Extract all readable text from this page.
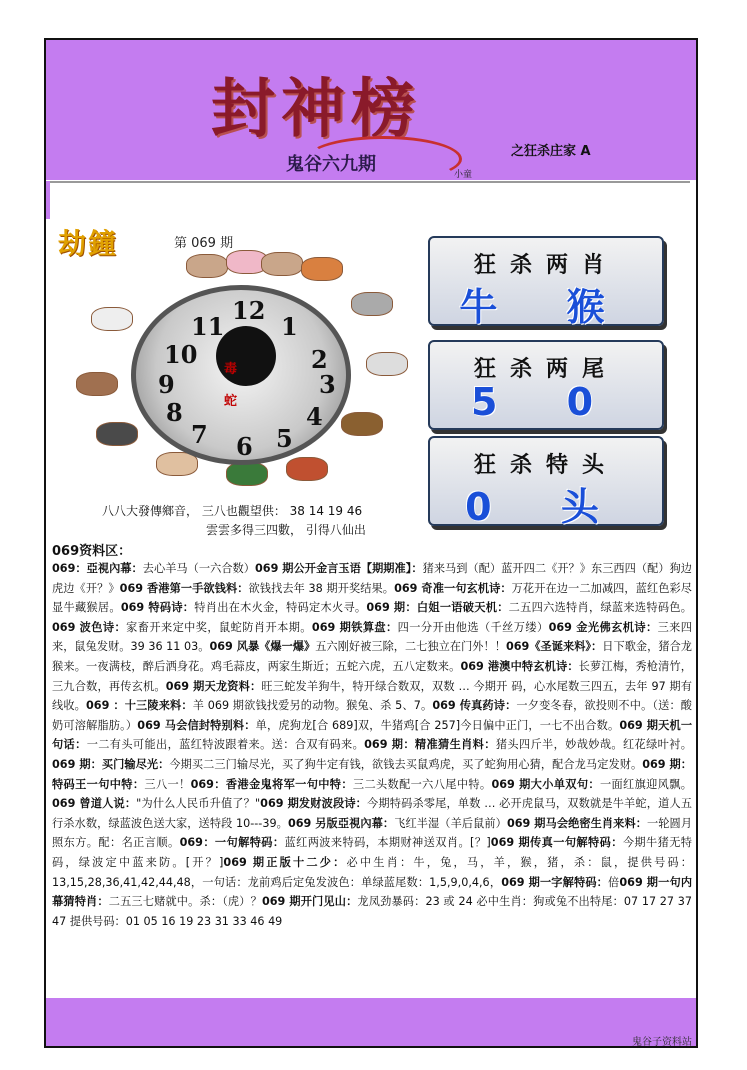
封神榜
鬼谷六九期	小童
之狂杀庄家 A
劫鐘	第 069 期
12
1
2
3
4
5
6
7
8
9
10
11
毒
蛇
八八大發傳鄉音， 三八也觀望供： 38 14 19 46
雲雲多得三四數， 引得八仙出
狂杀两肖
牛 猴
狂杀两尾
5 0
狂杀特头
0 头
069资料区：
069：亞視內幕：去心羊马（一六合数）069 期公开金言玉语【期期准】：猪来马到（配）蓝开四二《开？》东三西四（配）狗边虎边《开？》069 香港第一手欲钱料：欲钱找去年 38 期开奖结果。069 奇准一句玄机诗：万花开在边一二加减四，蓝红色彩尽显牛藏猴居。069 特码诗：特肖出在木火金，特码定木火寻。069 期：白姐一语破天机：二五四六选特肖，绿蓝来选特码色。069 波色诗：家畜开来定中奖，鼠蛇防肖开本期。069 期铁算盘：四一分开由他选（千丝万缕）069 金光佛玄机诗：三来四来，鼠兔发财。39 36 11 03。069 风暴《爆一爆》五六刚好被三除，二七独立在门外！！069《圣诞来料》：日下歌金，猪合龙猴来。一夜满枝，醉后洒身花。鸡毛蒜皮，两家生斯近；五蛇六虎，五八定数来。069 港澳中特玄机诗：长萝江梅，秀枪清竹，三九合数，再传玄机。069 期天龙资料：旺三蛇发羊狗牛，特开绿合数双，双数 … 今期开 码，心水尾数三四五，去年 97 期有线收。069 ：十三陵来料：羊 069 期欲钱找爱另的动物。猴兔、杀 5、7。069 传真药诗：一夕变冬春，欲投则不中。（送：酸奶可溶解脂肪。）069 马会信封特别料：单，虎狗龙[合 689]双，牛猪鸡[合 257]今日偏中正门，一七不出合数。069 期天机一句话：一二有头可能出，蓝红特波跟着来。送：合双有码来。069 期：精准猜生肖料：猪头四斤半，妙哉妙哉。红花绿叶衬。069 期：买门输尽光：今期买二三门输尽光，买了狗牛定有钱，欲钱去买鼠鸡虎，买了蛇狗用心猜，配合龙马定发财。069 期：特码王一句中特：三八一！069：香港金鬼将军一句中特：三二头数配一六八尾中特。069 期大小单双句：一面红旗迎风飘。069 曾道人说："为什么人民币升值了？"069 期发财波段诗：今期特码杀零尾，单数 … 必开虎鼠马，双数就是牛羊蛇，道人五行杀水数，绿蓝波色送大家，送特段 10---39。069 另版亞視內幕：飞红半湿（羊后鼠前）069 期马会绝密生肖来料：一轮圆月照东方。配：名正言顺。069：一句解特码：蓝红两波来特码，本期财神送双肖。[？]069 期传真一句解特码：今期牛猪无特码，绿波定中蓝来防。[开？]069 期正版十二少：必中生肖：牛，兔，马，羊，猴，猪，杀：鼠，提供号码：13,15,28,36,41,42,44,48，一句话：龙前鸡后定兔发波色：单绿蓝尾数：1,5,9,0,4,6，069 期一字解特码：倍069 期一句内幕猜特肖：二五三七赌就中。杀：（虎）？069 期开门见山：龙凤劲暴码：23 或 24 必中生肖：狗或兔不出特尾：07 17 27 37 47 提供号码：01 05 16 19 23 31 33 46 49
鬼谷子资料站
